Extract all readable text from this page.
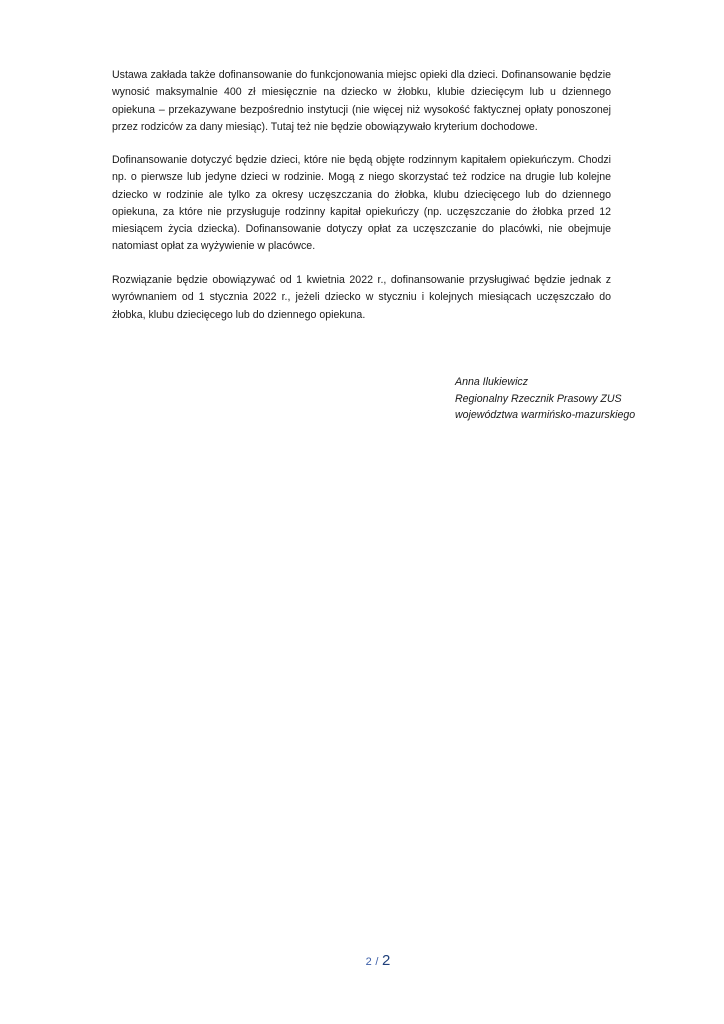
Ustawa zakłada także dofinansowanie do funkcjonowania miejsc opieki dla dzieci. Dofinansowanie będzie wynosić maksymalnie 400 zł miesięcznie na dziecko w żłobku, klubie dziecięcym lub u dziennego opiekuna – przekazywane bezpośrednio instytucji (nie więcej niż wysokość faktycznej opłaty ponoszonej przez rodziców za dany miesiąc). Tutaj też nie będzie obowiązywało kryterium dochodowe.

Dofinansowanie dotyczyć będzie dzieci, które nie będą objęte rodzinnym kapitałem opiekuńczym. Chodzi np. o pierwsze lub jedyne dzieci w rodzinie. Mogą z niego skorzystać też rodzice na drugie lub kolejne dziecko w rodzinie ale tylko za okresy uczęszczania do żłobka, klubu dziecięcego lub do dziennego opiekuna, za które nie przysługuje rodzinny kapitał opiekuńczy (np. uczęszczanie do żłobka przed 12 miesiącem życia dziecka). Dofinansowanie dotyczy opłat za uczęszczanie do placówki, nie obejmuje natomiast opłat za wyżywienie w placówce.

Rozwiązanie będzie obowiązywać od 1 kwietnia 2022 r., dofinansowanie przysługiwać będzie jednak z wyrównaniem od 1 stycznia 2022 r., jeżeli dziecko w styczniu i kolejnych miesiącach uczęszczało do żłobka, klubu dziecięcego lub do dziennego opiekuna.

Anna Ilukiewicz
Regionalny Rzecznik Prasowy ZUS
województwa warmińsko-mazurskiego
2 / 2
